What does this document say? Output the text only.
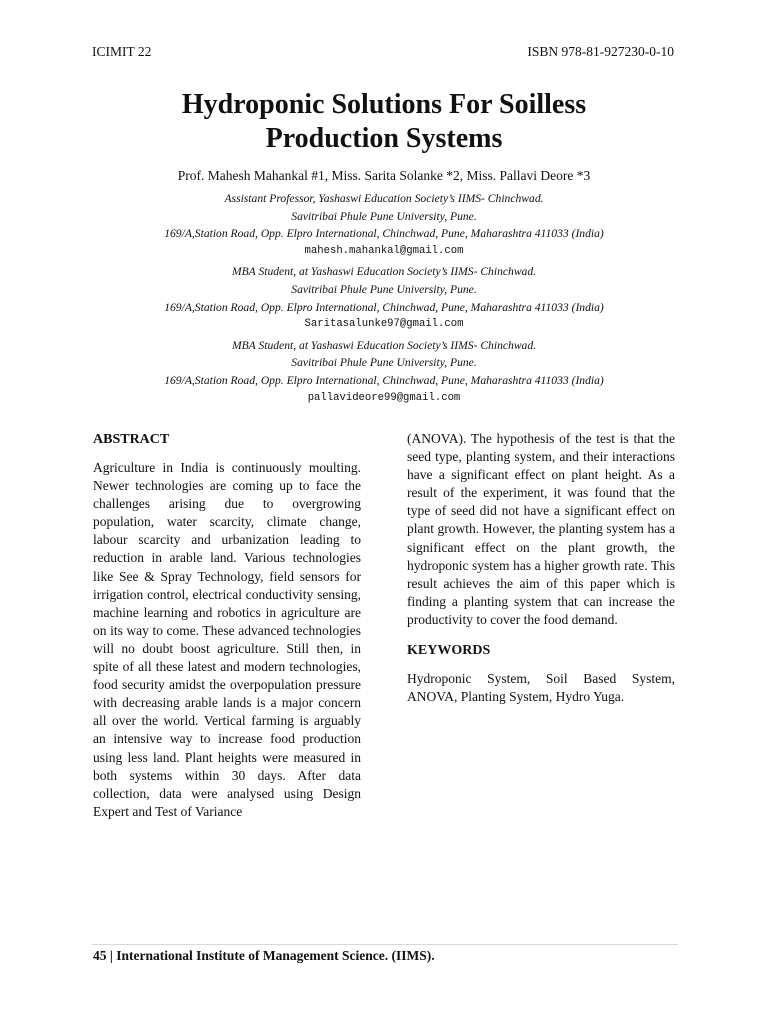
ICIMIT 22	ISBN 978-81-927230-0-10
Hydroponic Solutions For Soilless
Production Systems
Prof. Mahesh Mahankal #1, Miss. Sarita Solanke *2, Miss. Pallavi Deore *3
Assistant Professor, Yashaswi Education Society’s IIMS- Chinchwad.
Savitribai Phule Pune University, Pune.
169/A,Station Road, Opp. Elpro International, Chinchwad, Pune, Maharashtra 411033 (India)
mahesh.mahankal@gmail.com
MBA Student, at Yashaswi Education Society’s IIMS- Chinchwad.
Savitribai Phule Pune University, Pune.
169/A,Station Road, Opp. Elpro International, Chinchwad, Pune, Maharashtra 411033 (India)
Saritasalunke97@gmail.com
MBA Student, at Yashaswi Education Society’s IIMS- Chinchwad.
Savitribai Phule Pune University, Pune.
169/A,Station Road, Opp. Elpro International, Chinchwad, Pune, Maharashtra 411033 (India)
pallavideore99@gmail.com
ABSTRACT

Agriculture in India is continuously moulting. Newer technologies are coming up to face the challenges arising due to overgrowing population, water scarcity, climate change, labour scarcity and urbanization leading to reduction in arable land. Various technologies like See & Spray Technology, field sensors for irrigation control, electrical conductivity sensing, machine learning and robotics in agriculture are on its way to come. These advanced technologies will no doubt boost agriculture. Still then, in spite of all these latest and modern technologies, food security amidst the overpopulation pressure with decreasing arable lands is a major concern all over the world. Vertical farming is arguably an intensive way to increase food production using less land. Plant heights were measured in both systems within 30 days. After data collection, data were analysed using Design Expert and Test of Variance

(ANOVA). The hypothesis of the test is that the seed type, planting system, and their interactions have a significant effect on plant height. As a result of the experiment, it was found that the type of seed did not have a significant effect on plant growth. However, the planting system has a significant effect on the plant growth, the hydroponic system has a higher growth rate. This result achieves the aim of this paper which is finding a planting system that can increase the productivity to cover the food demand.

KEYWORDS

Hydroponic System, Soil Based System, ANOVA, Planting System, Hydro Yuga.

45 | International Institute of Management Science. (IIMS).
